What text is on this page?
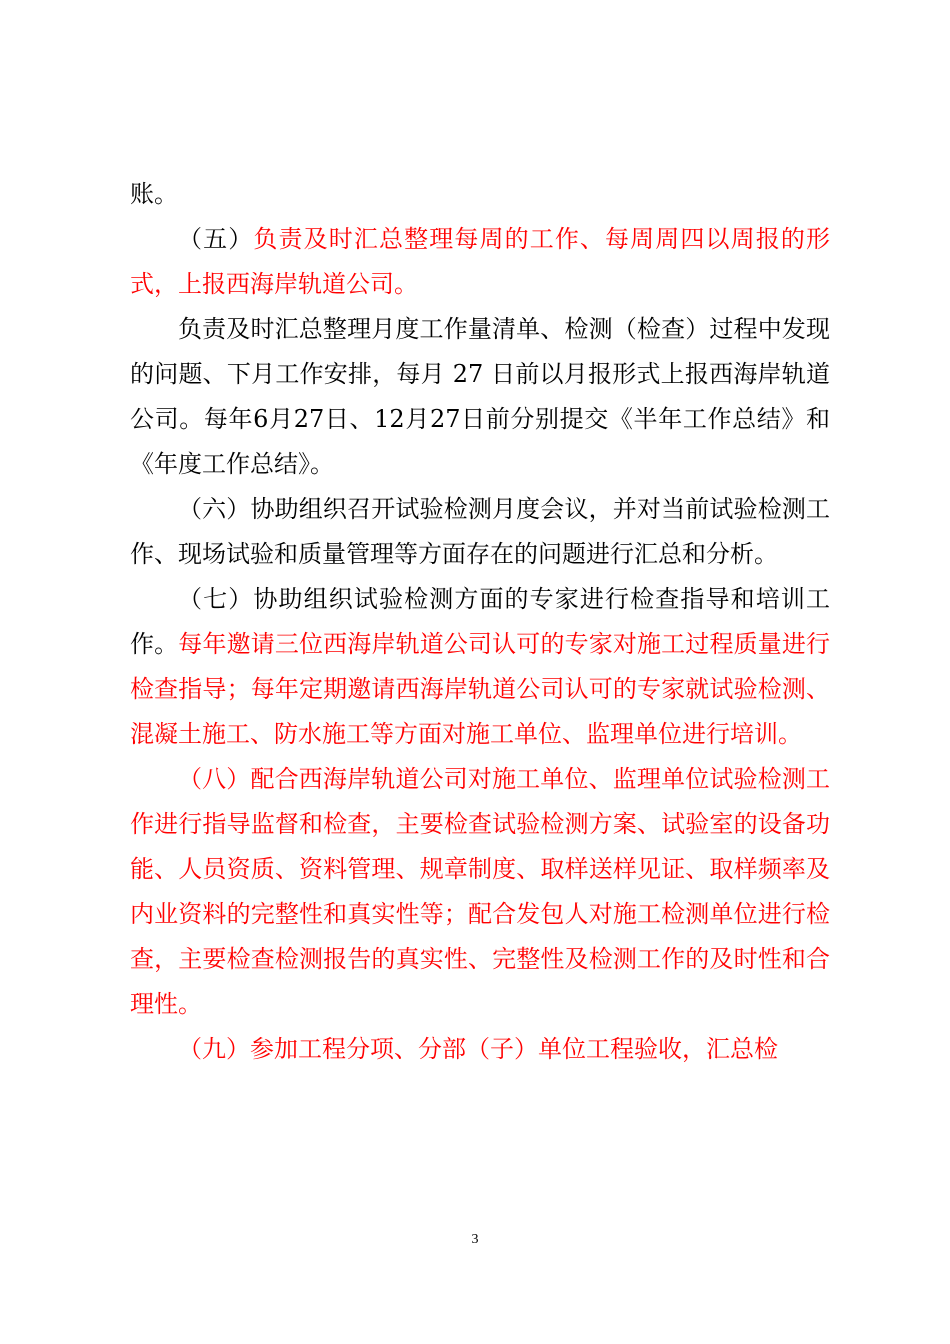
账。

（五）负责及时汇总整理每周的工作、每周周四以周报的形式，上报西海岸轨道公司。

负责及时汇总整理月度工作量清单、检测（检查）过程中发现的问题、下月工作安排，每月 27 日前以月报形式上报西海岸轨道公司。每年6月27日、12月27日前分别提交《半年工作总结》和《年度工作总结》。

（六）协助组织召开试验检测月度会议，并对当前试验检测工作、现场试验和质量管理等方面存在的问题进行汇总和分析。

（七）协助组织试验检测方面的专家进行检查指导和培训工作。每年邀请三位西海岸轨道公司认可的专家对施工过程质量进行检查指导；每年定期邀请西海岸轨道公司认可的专家就试验检测、混凝土施工、防水施工等方面对施工单位、监理单位进行培训。

（八）配合西海岸轨道公司对施工单位、监理单位试验检测工作进行指导监督和检查，主要检查试验检测方案、试验室的设备功能、人员资质、资料管理、规章制度、取样送样见证、取样频率及内业资料的完整性和真实性等；配合发包人对施工检测单位进行检查，主要检查检测报告的真实性、完整性及检测工作的及时性和合理性。

（九）参加工程分项、分部（子）单位工程验收，汇总检

3
